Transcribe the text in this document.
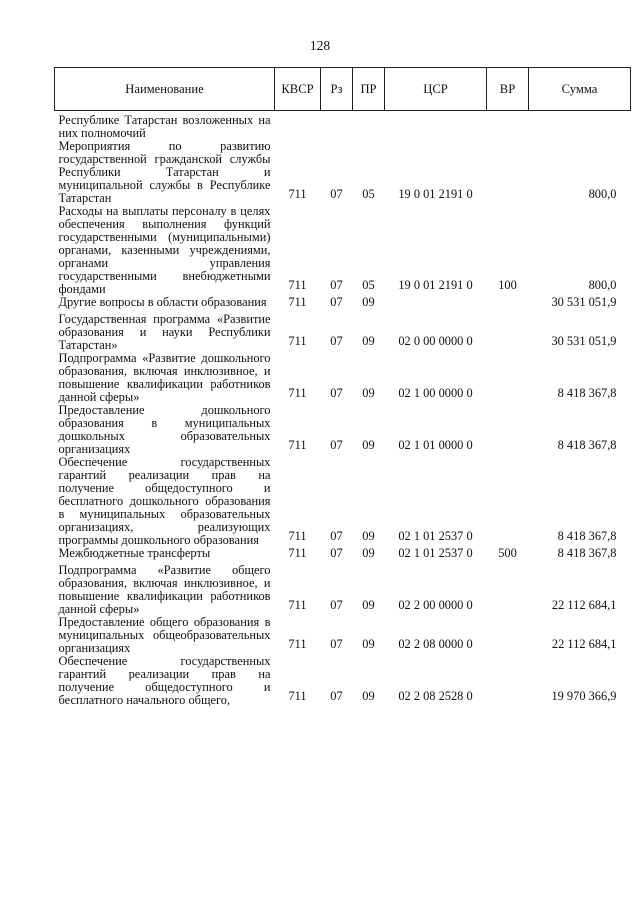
128
Наименование	КВСР	Рз	ПР	ЦСР	ВР	Сумма
Республике Татарстан возложенных на них полномочий						
Мероприятия по развитию государственной гражданской службы Республики Татарстан и муниципальной службы в Республике Татарстан	711	07	05	19 0 01 2191 0		800,0
Расходы на выплаты персоналу в целях обеспечения выполнения функций государственными (муниципальными) органами, казенными учреждениями, органами управления государственными внебюджетными фондами	711	07	05	19 0 01 2191 0	100	800,0
Другие вопросы в области образования	711	07	09			30 531 051,9
Государственная программа «Развитие образования и науки Республики Татарстан»	711	07	09	02 0 00 0000 0		30 531 051,9
Подпрограмма «Развитие дошкольного образования, включая инклюзивное, и повышение квалификации работников данной сферы»	711	07	09	02 1 00 0000 0		8 418 367,8
Предоставление дошкольного образования в муниципальных дошкольных образовательных организациях	711	07	09	02 1 01 0000 0		8 418 367,8
Обеспечение государственных гарантий реализации прав на получение общедоступного и бесплатного дошкольного образования в муниципальных образовательных организациях, реализующих программы дошкольного образования	711	07	09	02 1 01 2537 0		8 418 367,8
Межбюджетные трансферты	711	07	09	02 1 01 2537 0	500	8 418 367,8
Подпрограмма «Развитие общего образования, включая инклюзивное, и повышение квалификации работников данной сферы»	711	07	09	02 2 00 0000 0		22 112 684,1
Предоставление общего образования в муниципальных общеобразовательных организациях	711	07	09	02 2 08 0000 0		22 112 684,1
Обеспечение государственных гарантий реализации прав на получение общедоступного и бесплатного начального общего,	711	07	09	02 2 08 2528 0		19 970 366,9
